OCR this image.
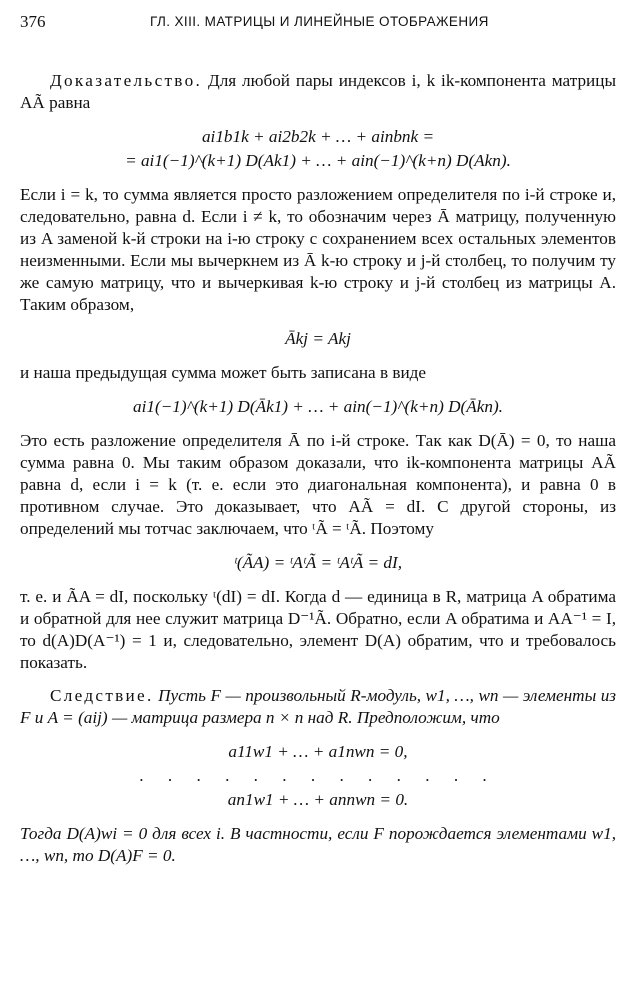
376	ГЛ. XIII. МАТРИЦЫ И ЛИНЕЙНЫЕ ОТОБРАЖЕНИЯ

Доказательство. Для любой пары индексов i, k ik-компонента матрицы AÃ равна

ai1b1k + ai2b2k + … + ainbnk =
= ai1(−1)^(k+1) D(Ak1) + … + ain(−1)^(k+n) D(Akn).

Если i = k, то сумма является просто разложением определителя по i-й строке и, следовательно, равна d. Если i ≠ k, то обозначим через Ā матрицу, полученную из A заменой k-й строки на i-ю строку с сохранением всех остальных элементов неизменными. Если мы вычеркнем из Ā k-ю строку и j-й столбец, то получим ту же самую матрицу, что и вычеркивая k-ю строку и j-й столбец из матрицы A. Таким образом,

Ākj = Akj

и наша предыдущая сумма может быть записана в виде

ai1(−1)^(k+1) D(Āk1) + … + ain(−1)^(k+n) D(Ākn).

Это есть разложение определителя Ā по i-й строке. Так как D(Ā) = 0, то наша сумма равна 0. Мы таким образом доказали, что ik-компонента матрицы AÃ равна d, если i = k (т. е. если это диагональная компонента), и равна 0 в противном случае. Это доказывает, что AÃ = dI. С другой стороны, из определений мы тотчас заключаем, что ᵗÃ = ᵗÃ. Поэтому

ᵗ(ÃA) = ᵗAᵗÃ = ᵗAᵗÃ = dI,

т. е. и ÃA = dI, поскольку ᵗ(dI) = dI. Когда d — единица в R, матрица A обратима и обратной для нее служит матрица D⁻¹Ã. Обратно, если A обратима и AA⁻¹ = I, то d(A)D(A⁻¹) = 1 и, следовательно, элемент D(A) обратим, что и требовалось показать.

Следствие. Пусть F — произвольный R-модуль, w1, …, wn — элементы из F и A = (aij) — матрица размера n × n над R. Предположим, что

a11w1 + … + a1nwn = 0,
. . . . . . . . . . . . .
an1w1 + … + annwn = 0.

Тогда D(A)wi = 0 для всех i. В частности, если F порождается элементами w1, …, wn, то D(A)F = 0.
